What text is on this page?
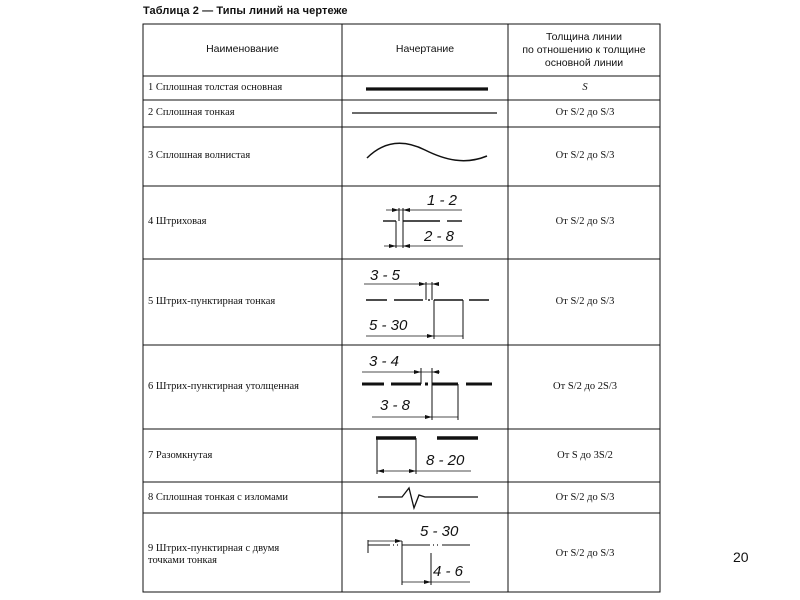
Таблица 2 — Типы линий на чертеже
1 - 2
2 - 8
3 - 5
5 - 30
3 - 4
3 - 8
8 - 20
5 - 30
4 - 6
Наименование	Начертание
Толщина линии
по отношению к толщине
основной линии
1 Сплошная толстая основная
2 Сплошная тонкая
3 Сплошная волнистая
4 Штриховая
5 Штрих-пунктирная тонкая
6 Штрих-пунктирная утолщенная
7 Разомкнутая
8 Сплошная тонкая с изломами
9 Штрих-пунктирная с двумя
точками тонкая
S
От S/2 до S/3
От S/2 до S/3
От S/2 до S/3
От S/2 до S/3
От S/2 до 2S/3
От S до 3S/2
От S/2 до S/3
От S/2 до S/3	20
